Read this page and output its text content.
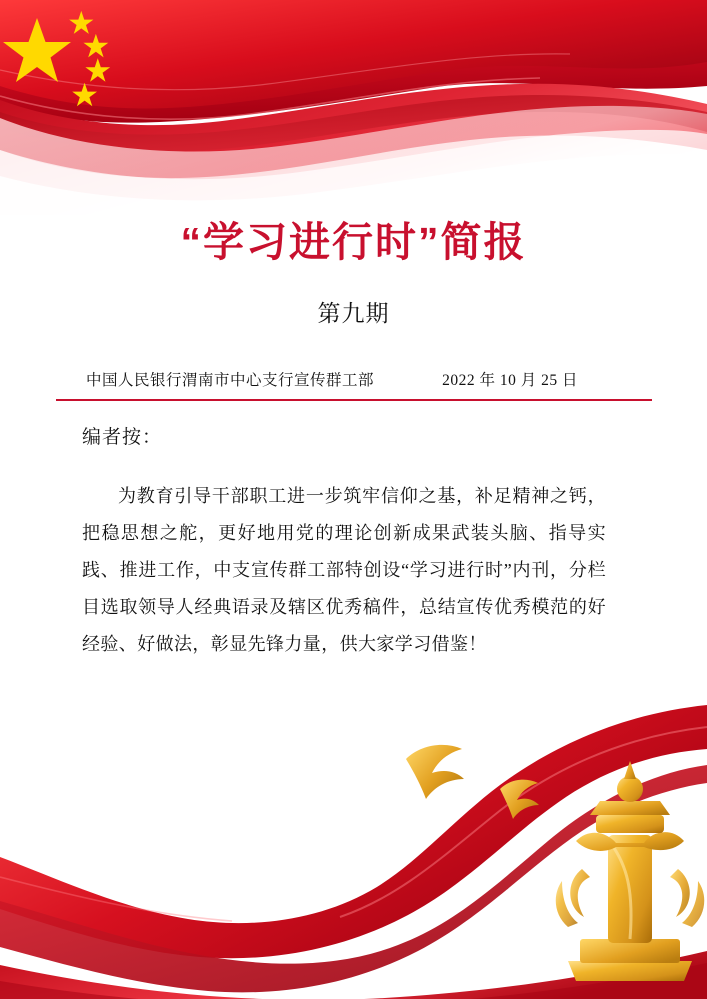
“学习进行时”简报
第九期
中国人民银行渭南市中心支行宣传群工部	2022 年 10 月 25 日
编者按：
为教育引导干部职工进一步筑牢信仰之基，补足精神之钙，把稳思想之舵，更好地用党的理论创新成果武装头脑、指导实践、推进工作，中支宣传群工部特创设“学习进行时”内刊，分栏目选取领导人经典语录及辖区优秀稿件，总结宣传优秀模范的好经验、好做法，彰显先锋力量，供大家学习借鉴！
